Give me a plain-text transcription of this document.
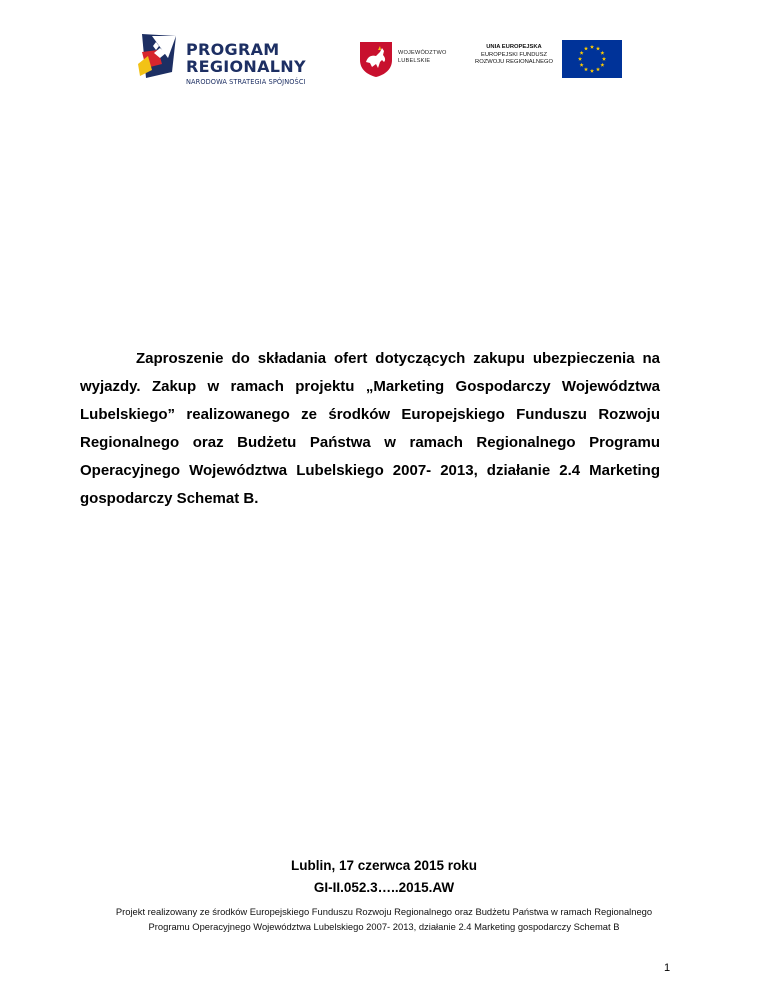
PROGRAM
REGIONALNY
NARODOWA STRATEGIA SPÓJNOŚCI
WOJEWÓDZTWO
LUBELSKIE
UNIA EUROPEJSKA
EUROPEJSKI FUNDUSZ
ROZWOJU REGIONALNEGO
Zaproszenie do składania ofert dotyczących zakupu ubezpieczenia na wyjazdy. Zakup w ramach projektu „Marketing Gospodarczy Województwa Lubelskiego” realizowanego ze środków Europejskiego Funduszu Rozwoju Regionalnego oraz Budżetu Państwa w ramach Regionalnego Programu Operacyjnego Województwa Lubelskiego 2007- 2013, działanie 2.4 Marketing gospodarczy Schemat B.
Lublin, 17 czerwca 2015 roku
GI-II.052.3…..2015.AW
Projekt realizowany ze środków Europejskiego Funduszu Rozwoju Regionalnego oraz Budżetu Państwa w ramach Regionalnego Programu Operacyjnego Województwa Lubelskiego 2007- 2013, działanie 2.4 Marketing gospodarczy Schemat B
1
